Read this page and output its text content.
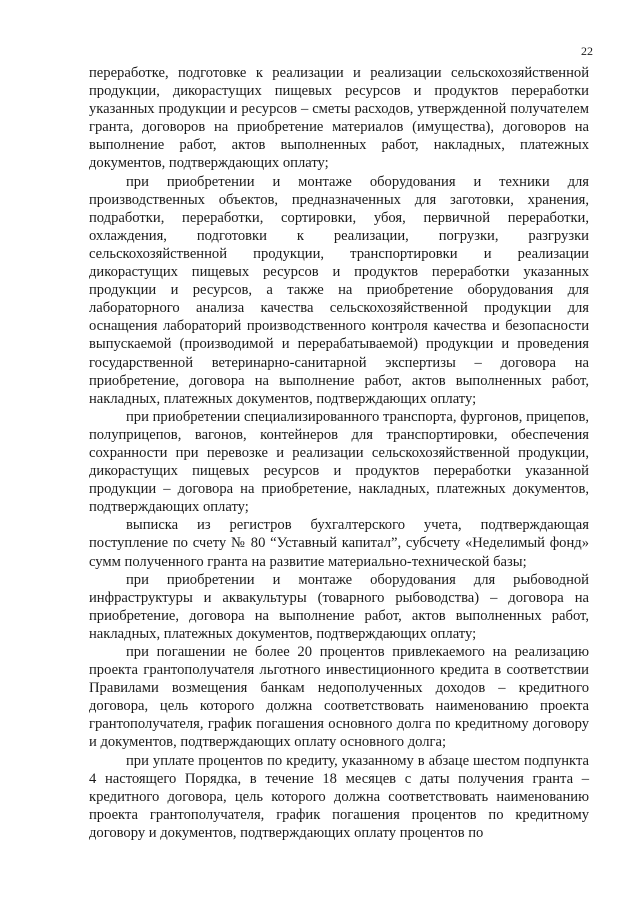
22

переработке, подготовке к реализации и реализации сельскохозяйственной продукции, дикорастущих пищевых ресурсов и продуктов переработки указанных продукции и ресурсов – сметы расходов, утвержденной получателем гранта, договоров на приобретение материалов (имущества), договоров на выполнение работ, актов выполненных работ, накладных, платежных документов, подтверждающих оплату;

при приобретении и монтаже оборудования и техники для производственных объектов, предназначенных для заготовки, хранения, подработки, переработки, сортировки, убоя, первичной переработки, охлаждения, подготовки к реализации, погрузки, разгрузки сельскохозяйственной продукции, транспортировки и реализации дикорастущих пищевых ресурсов и продуктов переработки указанных продукции и ресурсов, а также на приобретение оборудования для лабораторного анализа качества сельскохозяйственной продукции для оснащения лабораторий производственного контроля качества и безопасности выпускаемой (производимой и перерабатываемой) продукции и проведения государственной ветеринарно-санитарной экспертизы – договора на приобретение, договора на выполнение работ, актов выполненных работ, накладных, платежных документов, подтверждающих оплату;

при приобретении специализированного транспорта, фургонов, прицепов, полуприцепов, вагонов, контейнеров для транспортировки, обеспечения сохранности при перевозке и реализации сельскохозяйственной продукции, дикорастущих пищевых ресурсов и продуктов переработки указанной продукции – договора на приобретение, накладных, платежных документов, подтверждающих оплату;

выписка из регистров бухгалтерского учета, подтверждающая поступление по счету № 80 “Уставный капитал”, субсчету «Неделимый фонд» сумм полученного гранта на развитие материально-технической базы;

при приобретении и монтаже оборудования для рыбоводной инфраструктуры и аквакультуры (товарного рыбоводства) – договора на приобретение, договора на выполнение работ, актов выполненных работ, накладных, платежных документов, подтверждающих оплату;

при погашении не более 20 процентов привлекаемого на реализацию проекта грантополучателя льготного инвестиционного кредита в соответствии Правилами возмещения банкам недополученных доходов – кредитного договора, цель которого должна соответствовать наименованию проекта грантополучателя, график погашения основного долга по кредитному договору и документов, подтверждающих оплату основного долга;

при уплате процентов по кредиту, указанному в абзаце шестом подпункта 4 настоящего Порядка, в течение 18 месяцев с даты получения гранта – кредитного договора, цель которого должна соответствовать наименованию проекта грантополучателя, график погашения процентов по кредитному договору и документов, подтверждающих оплату процентов по
